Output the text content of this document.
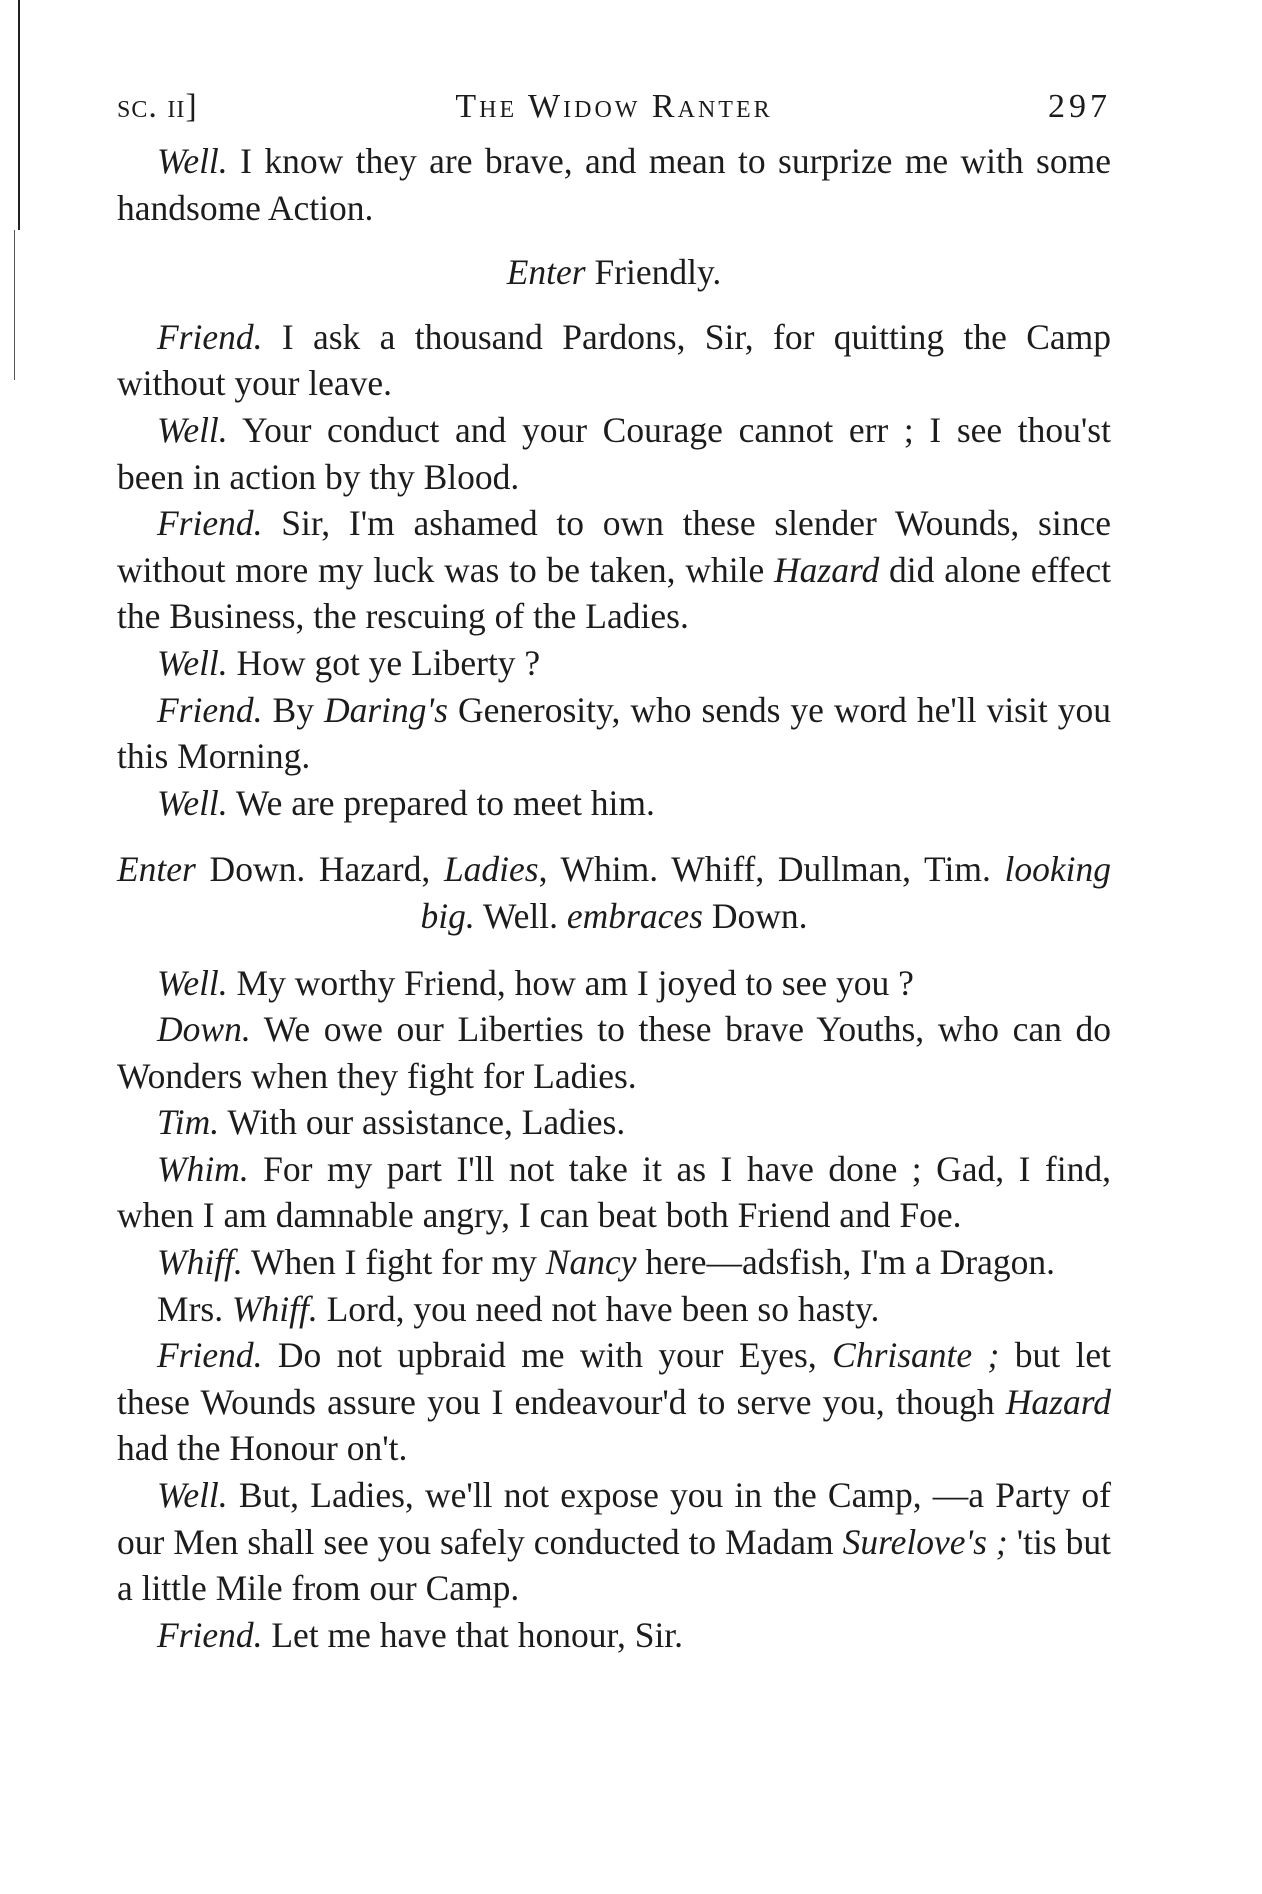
sc. ii]	The Widow Ranter	297

Well. I know they are brave, and mean to surprize me with some handsome Action.

Enter Friendly.

Friend. I ask a thousand Pardons, Sir, for quitting the Camp without your leave.

Well. Your conduct and your Courage cannot err ; I see thou'st been in action by thy Blood.

Friend. Sir, I'm ashamed to own these slender Wounds, since without more my luck was to be taken, while Hazard did alone effect the Business, the rescuing of the Ladies.

Well. How got ye Liberty ?

Friend. By Daring's Generosity, who sends ye word he'll visit you this Morning.

Well. We are prepared to meet him.

Enter Down. Hazard, Ladies, Whim. Whiff, Dullman, Tim. looking big. Well. embraces Down.

Well. My worthy Friend, how am I joyed to see you ?

Down. We owe our Liberties to these brave Youths, who can do Wonders when they fight for Ladies.

Tim. With our assistance, Ladies.

Whim. For my part I'll not take it as I have done ; Gad, I find, when I am damnable angry, I can beat both Friend and Foe.

Whiff. When I fight for my Nancy here—adsfish, I'm a Dragon.

Mrs. Whiff. Lord, you need not have been so hasty.

Friend. Do not upbraid me with your Eyes, Chrisante ; but let these Wounds assure you I endeavour'd to serve you, though Hazard had the Honour on't.

Well. But, Ladies, we'll not expose you in the Camp, —a Party of our Men shall see you safely conducted to Madam Surelove's ; 'tis but a little Mile from our Camp.

Friend. Let me have that honour, Sir.
